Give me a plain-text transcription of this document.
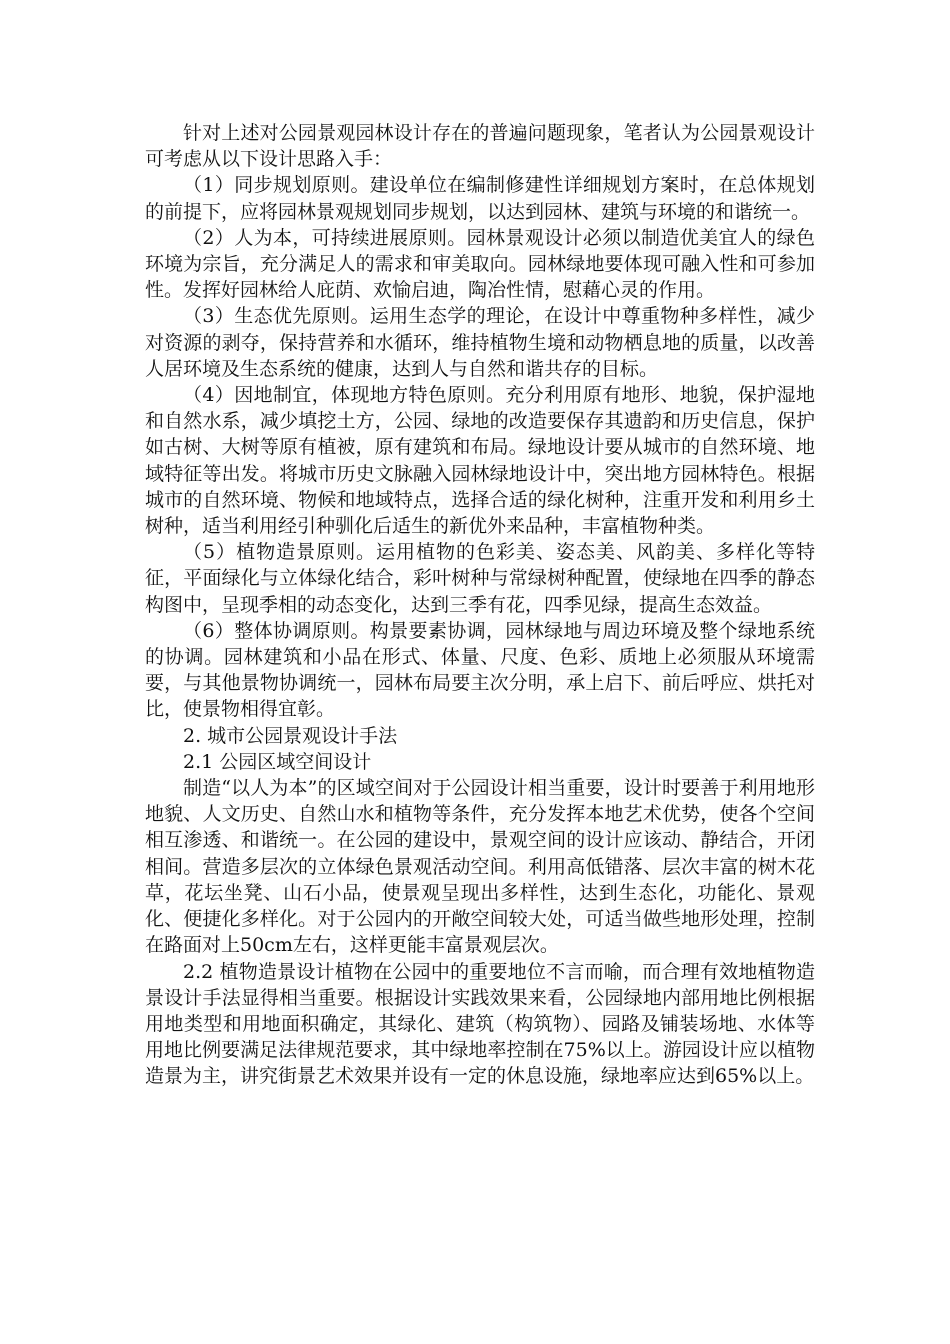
针对上述对公园景观园林设计存在的普遍问题现象，笔者认为公园景观设计可考虑从以下设计思路入手：

（1）同步规划原则。建设单位在编制修建性详细规划方案时，在总体规划的前提下，应将园林景观规划同步规划，以达到园林、建筑与环境的和谐统一。

（2）人为本，可持续进展原则。园林景观设计必须以制造优美宜人的绿色环境为宗旨，充分满足人的需求和审美取向。园林绿地要体现可融入性和可参加性。发挥好园林给人庇荫、欢愉启迪，陶冶性情，慰藉心灵的作用。

（3）生态优先原则。运用生态学的理论，在设计中尊重物种多样性，减少对资源的剥夺，保持营养和水循环，维持植物生境和动物栖息地的质量，以改善人居环境及生态系统的健康，达到人与自然和谐共存的目标。

（4）因地制宜，体现地方特色原则。充分利用原有地形、地貌，保护湿地和自然水系，减少填挖土方，公园、绿地的改造要保存其遗韵和历史信息，保护如古树、大树等原有植被，原有建筑和布局。绿地设计要从城市的自然环境、地域特征等出发。将城市历史文脉融入园林绿地设计中，突出地方园林特色。根据城市的自然环境、物候和地域特点，选择合适的绿化树种，注重开发和利用乡土树种，适当利用经引种驯化后适生的新优外来品种，丰富植物种类。

（5）植物造景原则。运用植物的色彩美、姿态美、风韵美、多样化等特征，平面绿化与立体绿化结合，彩叶树种与常绿树种配置，使绿地在四季的静态构图中，呈现季相的动态变化，达到三季有花，四季见绿，提高生态效益。

（6）整体协调原则。构景要素协调，园林绿地与周边环境及整个绿地系统的协调。园林建筑和小品在形式、体量、尺度、色彩、质地上必须服从环境需要，与其他景物协调统一，园林布局要主次分明，承上启下、前后呼应、烘托对比，使景物相得宜彰。

2. 城市公园景观设计手法

2.1 公园区域空间设计

制造“以人为本”的区域空间对于公园设计相当重要，设计时要善于利用地形地貌、人文历史、自然山水和植物等条件，充分发挥本地艺术优势，使各个空间相互渗透、和谐统一。在公园的建设中，景观空间的设计应该动、静结合，开闭相间。营造多层次的立体绿色景观活动空间。利用高低错落、层次丰富的树木花草，花坛坐凳、山石小品，使景观呈现出多样性，达到生态化，功能化、景观化、便捷化多样化。对于公园内的开敞空间较大处，可适当做些地形处理，控制在路面对上50cm左右，这样更能丰富景观层次。

2.2 植物造景设计植物在公园中的重要地位不言而喻，而合理有效地植物造景设计手法显得相当重要。根据设计实践效果来看，公园绿地内部用地比例根据用地类型和用地面积确定，其绿化、建筑（构筑物）、园路及铺装场地、水体等用地比例要满足法律规范要求，其中绿地率控制在75%以上。游园设计应以植物造景为主，讲究街景艺术效果并设有一定的休息设施，绿地率应达到65%以上。
